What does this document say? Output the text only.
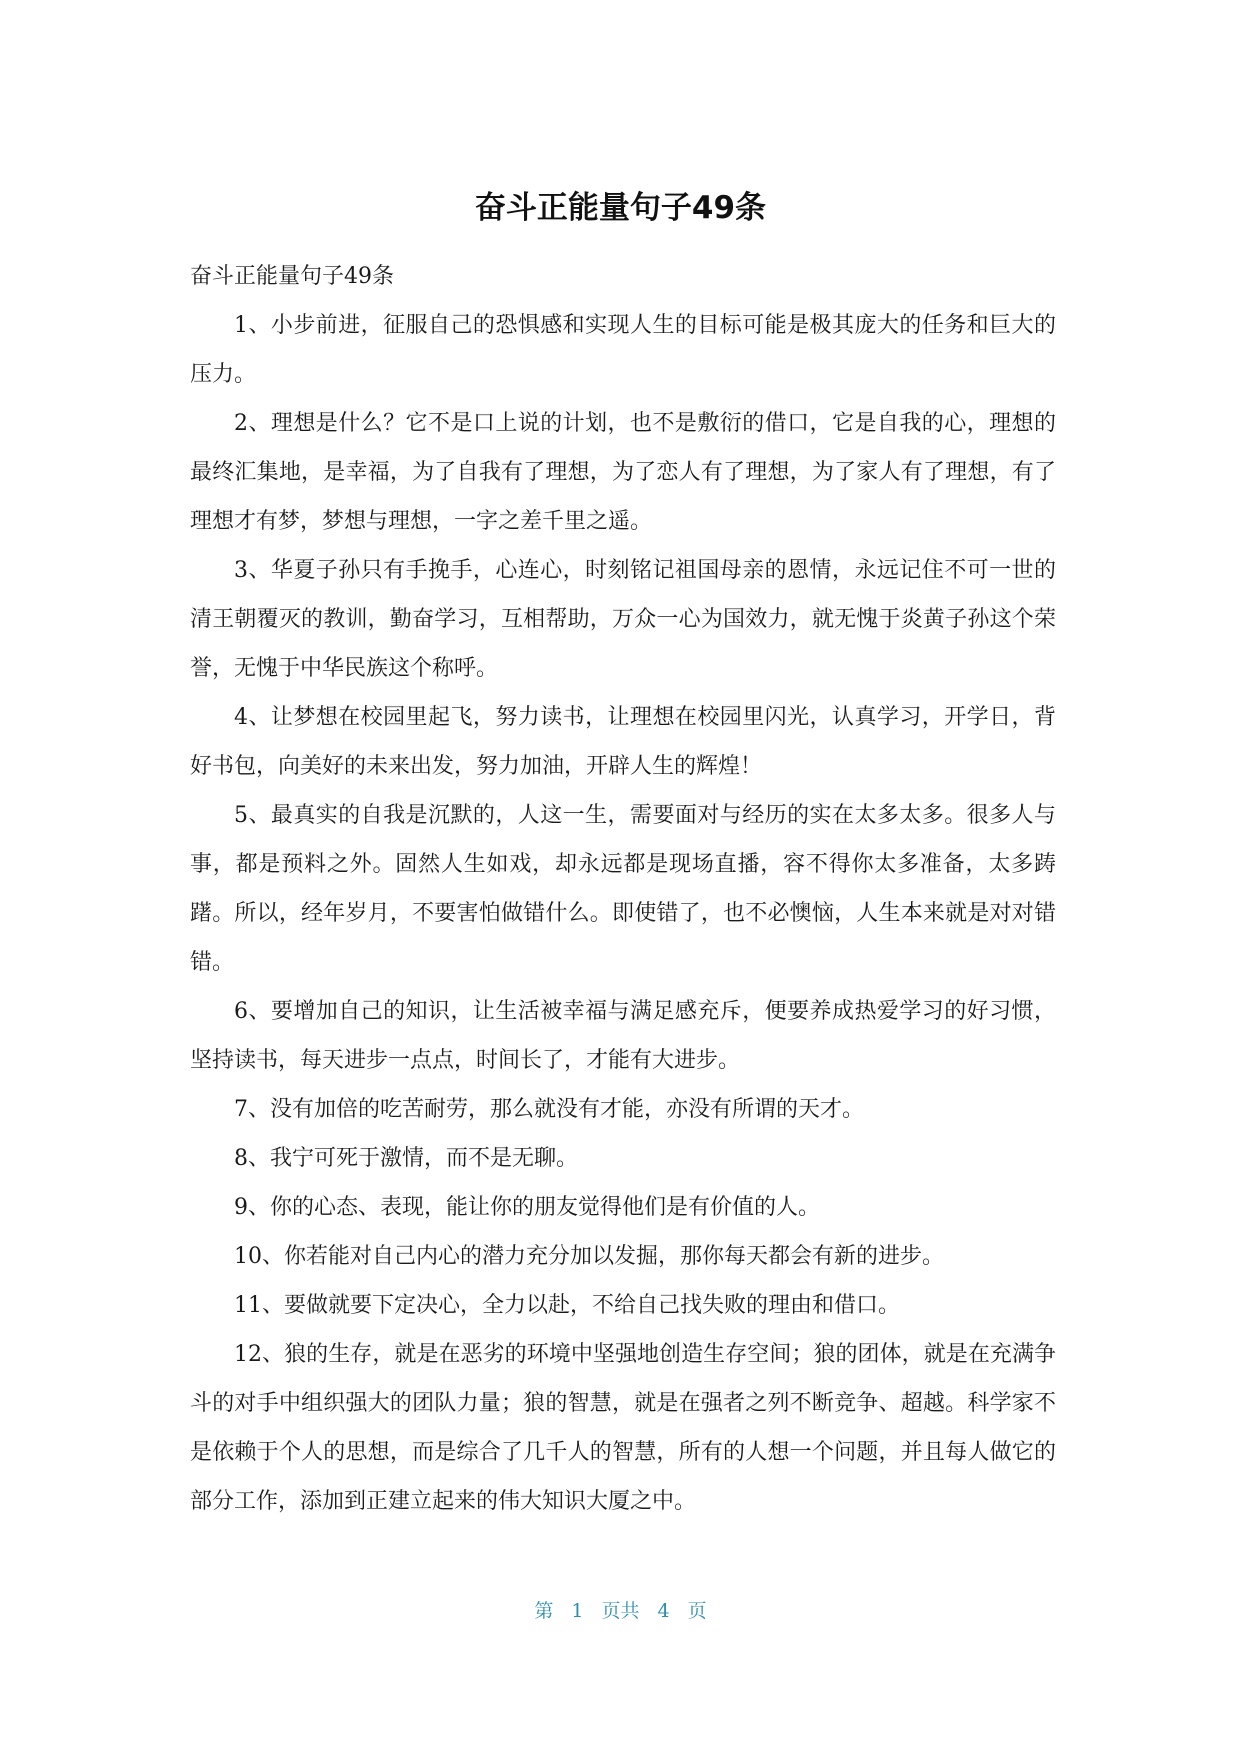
奋斗正能量句子49条

奋斗正能量句子49条

1、小步前进，征服自己的恐惧感和实现人生的目标可能是极其庞大的任务和巨大的压力。

2、理想是什么？它不是口上说的计划，也不是敷衍的借口，它是自我的心，理想的最终汇集地，是幸福，为了自我有了理想，为了恋人有了理想，为了家人有了理想，有了理想才有梦，梦想与理想，一字之差千里之遥。

3、华夏子孙只有手挽手，心连心，时刻铭记祖国母亲的恩情，永远记住不可一世的清王朝覆灭的教训，勤奋学习，互相帮助，万众一心为国效力，就无愧于炎黄子孙这个荣誉，无愧于中华民族这个称呼。

4、让梦想在校园里起飞，努力读书，让理想在校园里闪光，认真学习，开学日，背好书包，向美好的未来出发，努力加油，开辟人生的辉煌！

5、最真实的自我是沉默的，人这一生，需要面对与经历的实在太多太多。很多人与事，都是预料之外。固然人生如戏，却永远都是现场直播，容不得你太多准备，太多踌躇。所以，经年岁月，不要害怕做错什么。即使错了，也不必懊恼，人生本来就是对对错错。

6、要增加自己的知识，让生活被幸福与满足感充斥，便要养成热爱学习的好习惯，坚持读书，每天进步一点点，时间长了，才能有大进步。

7、没有加倍的吃苦耐劳，那么就没有才能，亦没有所谓的天才。

8、我宁可死于激情，而不是无聊。

9、你的心态、表现，能让你的朋友觉得他们是有价值的人。

10、你若能对自己内心的潜力充分加以发掘，那你每天都会有新的进步。

11、要做就要下定决心，全力以赴，不给自己找失败的理由和借口。

12、狼的生存，就是在恶劣的环境中坚强地创造生存空间；狼的团体，就是在充满争斗的对手中组织强大的团队力量；狼的智慧，就是在强者之列不断竞争、超越。科学家不是依赖于个人的思想，而是综合了几千人的智慧，所有的人想一个问题，并且每人做它的部分工作，添加到正建立起来的伟大知识大厦之中。

第 1 页共 4 页
